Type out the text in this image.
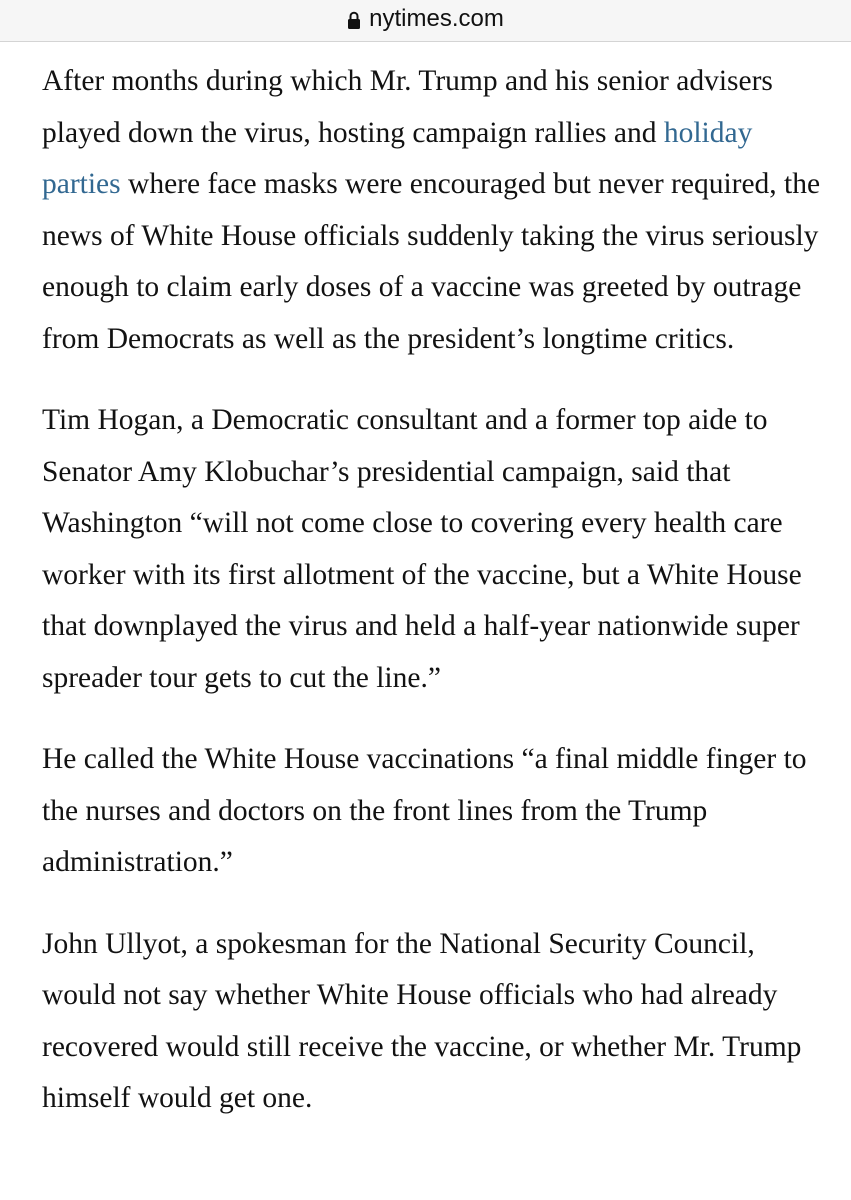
nytimes.com

After months during which Mr. Trump and his senior advisers played down the virus, hosting campaign rallies and holiday parties where face masks were encouraged but never required, the news of White House officials suddenly taking the virus seriously enough to claim early doses of a vaccine was greeted by outrage from Democrats as well as the president’s longtime critics.

Tim Hogan, a Democratic consultant and a former top aide to Senator Amy Klobuchar’s presidential campaign, said that Washington “will not come close to covering every health care worker with its first allotment of the vaccine, but a White House that downplayed the virus and held a half-year nationwide super spreader tour gets to cut the line.”

He called the White House vaccinations “a final middle finger to the nurses and doctors on the front lines from the Trump administration.”

John Ullyot, a spokesman for the National Security Council, would not say whether White House officials who had already recovered would still receive the vaccine, or whether Mr. Trump himself would get one.
